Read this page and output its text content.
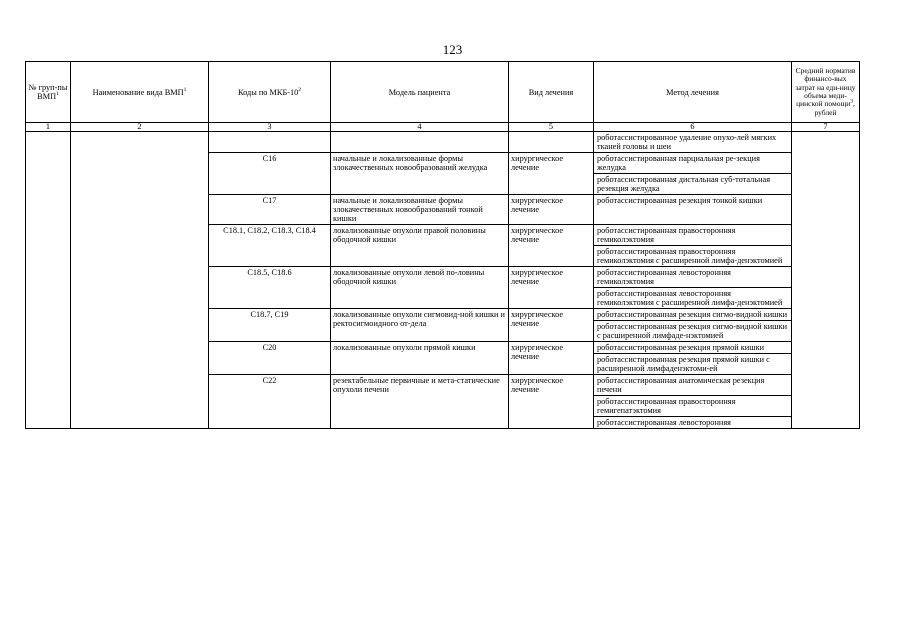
123
№ груп-пы ВМП$^1$	Наименование вида ВМП$^1$	Коды по МКБ-$10^2$	Модель пациента	Вид лечения	Метод лечения	Средний норматив финансо-вых затрат на еди-ницу объема меди-цинской помощи$^3$, рублей
1	2	3	4	5	6	7
					роботассистированное удаление опухо-лей мягких тканей головы и шеи	
		C16	начальные и локализованные формы злокачественных новообразований желудка	хирургическое лечение	роботассистированная парциальная ре-зекция желудка	
					роботассистированная дистальная суб-тотальная резекция желудка	
		C17	начальные и локализованные формы злокачественных новообразований тонкой кишки	хирургическое лечение	роботассистированная резекция тонкой кишки	
		C18.1, C18.2, C18.3, C18.4	локализованные опухоли правой половины ободочной кишки	хирургическое лечение	роботассистированная правосторонняя гемиколэктомия	
					роботассистированная правосторонняя гемиколэктомия с расширенной лимфа-денэктомией	
		C18.5, C18.6	локализованные опухоли левой по-ловины ободочной кишки	хирургическое лечение	роботассистированная левосторонняя гемиколэктомия	
					роботассистированная левосторонняя гемиколэктомия с расширенной лимфа-денэктомией	
		C18.7, C19	локализованные опухоли сигмовид-ной кишки и ректосигмоидного от-дела	хирургическое лечение	роботассистированная резекция сигмо-видной кишки	
					роботассистированная резекция сигмо-видной кишки с расширенной лимфаде-нэктомией	
		C20	локализованные опухоли прямой кишки	хирургическое лечение	роботассистированная резекция прямой кишки	
					роботассистированная резекция прямой кишки с расширенной лимфаденэктоми-ей	
		C22	резектабельные первичные и мета-статические опухоли печени	хирургическое лечение	роботассистированная анатомическая резекция печени	
					роботассистированная правосторонняя гемигепатэктомия	
					роботассистированная левосторонняя	
